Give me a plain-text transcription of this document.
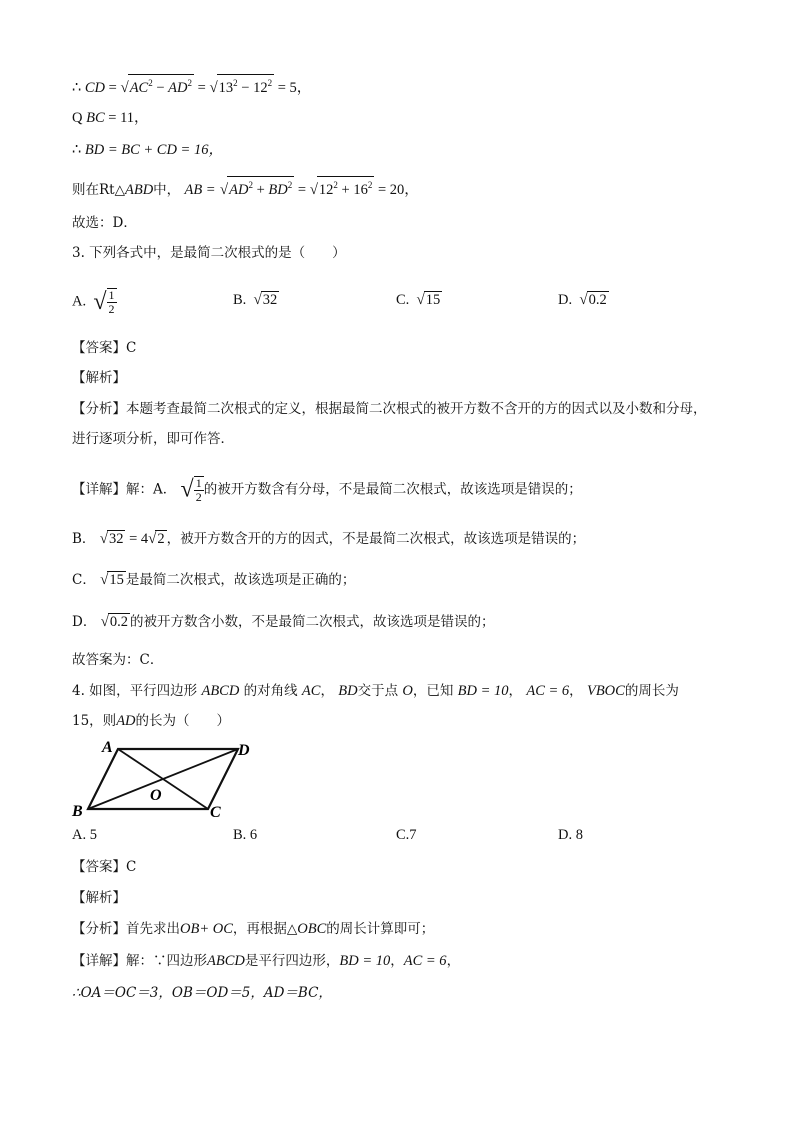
∴ CD = $√AC^2 - AD^2 = √13^2 - 12^2 = 5$，
Q BC = 11，
∴ BD = BC + CD = 16，
则在Rt△ABD中， AB = $√AD^2 + BD^2 = √12^2 + 16^2 = 20$，
故选：D．
3. 下列各式中，是最简二次根式的是（　　）
A. √ $\frac{1}{2}$	B. √32	C. √15	D. √0.2
【答案】C
【解析】
【分析】本题考查最简二次根式的定义，根据最简二次根式的被开方数不含开的方的因式以及小数和分母，
进行逐项分析，即可作答．
【详解】解：A． √ $\frac{1}{2}$ 的被开方数含有分母，不是最简二次根式，故该选项是错误的；
B． √32 = 4√2 ，被开方数含开的方的因式，不是最简二次根式，故该选项是错误的；
C． √15 是最简二次根式，故该选项是正确的；
D． √0.2 的被开方数含小数，不是最简二次根式，故该选项是错误的；
故答案为：C．
4. 如图，平行四边形 ABCD 的对角线 AC， BD交于点 O，已知 BD = 10， AC = 6， VBOC的周长为
15，则AD的长为（　　）
A	D
B	C
O
A. 5	B. 6	C.7	D. 8
【答案】C
【解析】
【分析】首先求出OB+ OC，再根据△OBC的周长计算即可；
【详解】解：∵四边形ABCD是平行四边形，BD = 10，AC = 6，
∴OA＝OC＝3，OB＝OD＝5，AD＝BC，
